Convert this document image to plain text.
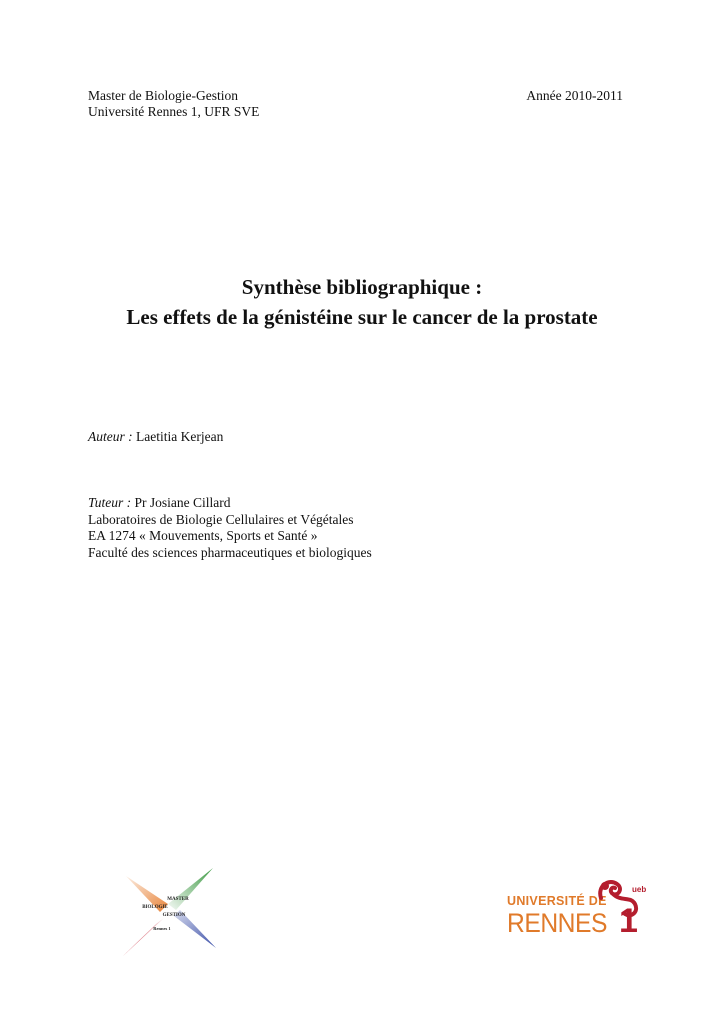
Master de Biologie-Gestion
Université Rennes 1, UFR SVE
Année 2010-2011
Synthèse bibliographique :
Les effets de la génistéine sur le cancer de la prostate
Auteur : Laetitia Kerjean
Tuteur : Pr Josiane Cillard
Laboratoires de Biologie Cellulaires et Végétales
EA 1274 « Mouvements, Sports et Santé »
Faculté des sciences pharmaceutiques et biologiques
MASTER
BIOLOGIE
GESTION
Rennes 1
UNIVERSITÉ DE
RENNES 1
ueb
